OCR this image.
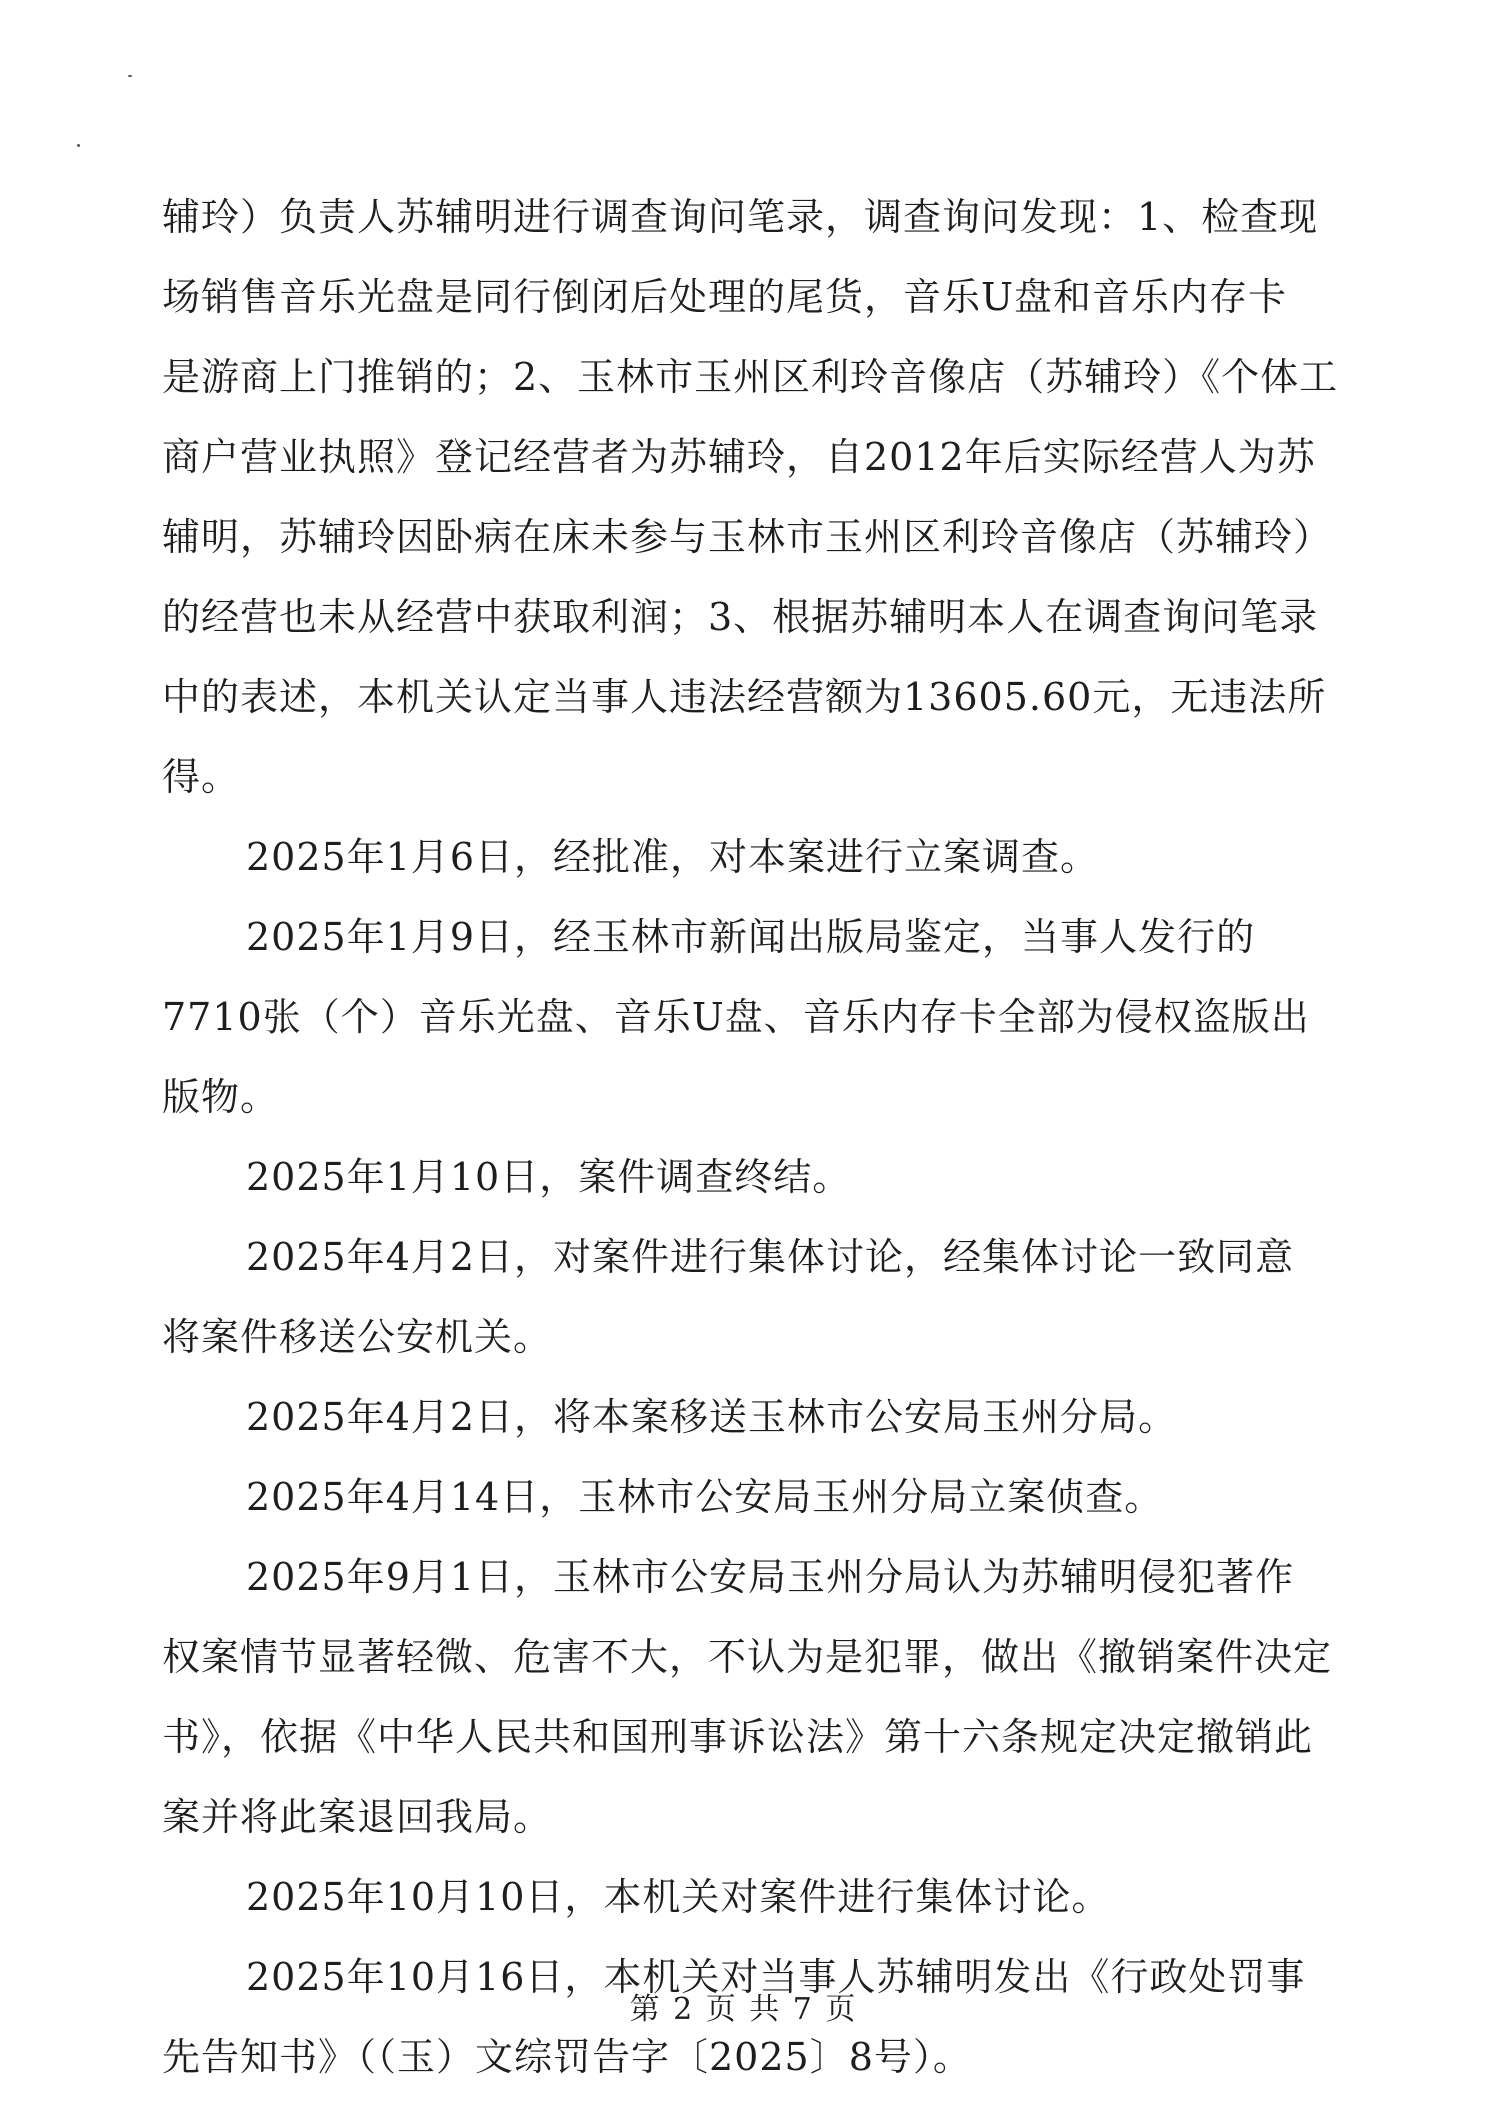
辅玲）负责人苏辅明进行调查询问笔录，调查询问发现：1、检查现
场销售音乐光盘是同行倒闭后处理的尾货，音乐U盘和音乐内存卡
是游商上门推销的；2、玉林市玉州区利玲音像店（苏辅玲）《个体工
商户营业执照》登记经营者为苏辅玲，自2012年后实际经营人为苏
辅明，苏辅玲因卧病在床未参与玉林市玉州区利玲音像店（苏辅玲）
的经营也未从经营中获取利润；3、根据苏辅明本人在调查询问笔录
中的表述，本机关认定当事人违法经营额为13605.60元，无违法所
得。
2025年1月6日，经批准，对本案进行立案调查。
2025年1月9日，经玉林市新闻出版局鉴定，当事人发行的
7710张（个）音乐光盘、音乐U盘、音乐内存卡全部为侵权盗版出
版物。
2025年1月10日，案件调查终结。
2025年4月2日，对案件进行集体讨论，经集体讨论一致同意
将案件移送公安机关。
2025年4月2日，将本案移送玉林市公安局玉州分局。
2025年4月14日，玉林市公安局玉州分局立案侦查。
2025年9月1日，玉林市公安局玉州分局认为苏辅明侵犯著作
权案情节显著轻微、危害不大，不认为是犯罪，做出《撤销案件决定
书》，依据《中华人民共和国刑事诉讼法》第十六条规定决定撤销此
案并将此案退回我局。
2025年10月10日，本机关对案件进行集体讨论。
2025年10月16日，本机关对当事人苏辅明发出《行政处罚事
先告知书》（（玉）文综罚告字〔2025〕8号）。
第 2 页 共 7 页
